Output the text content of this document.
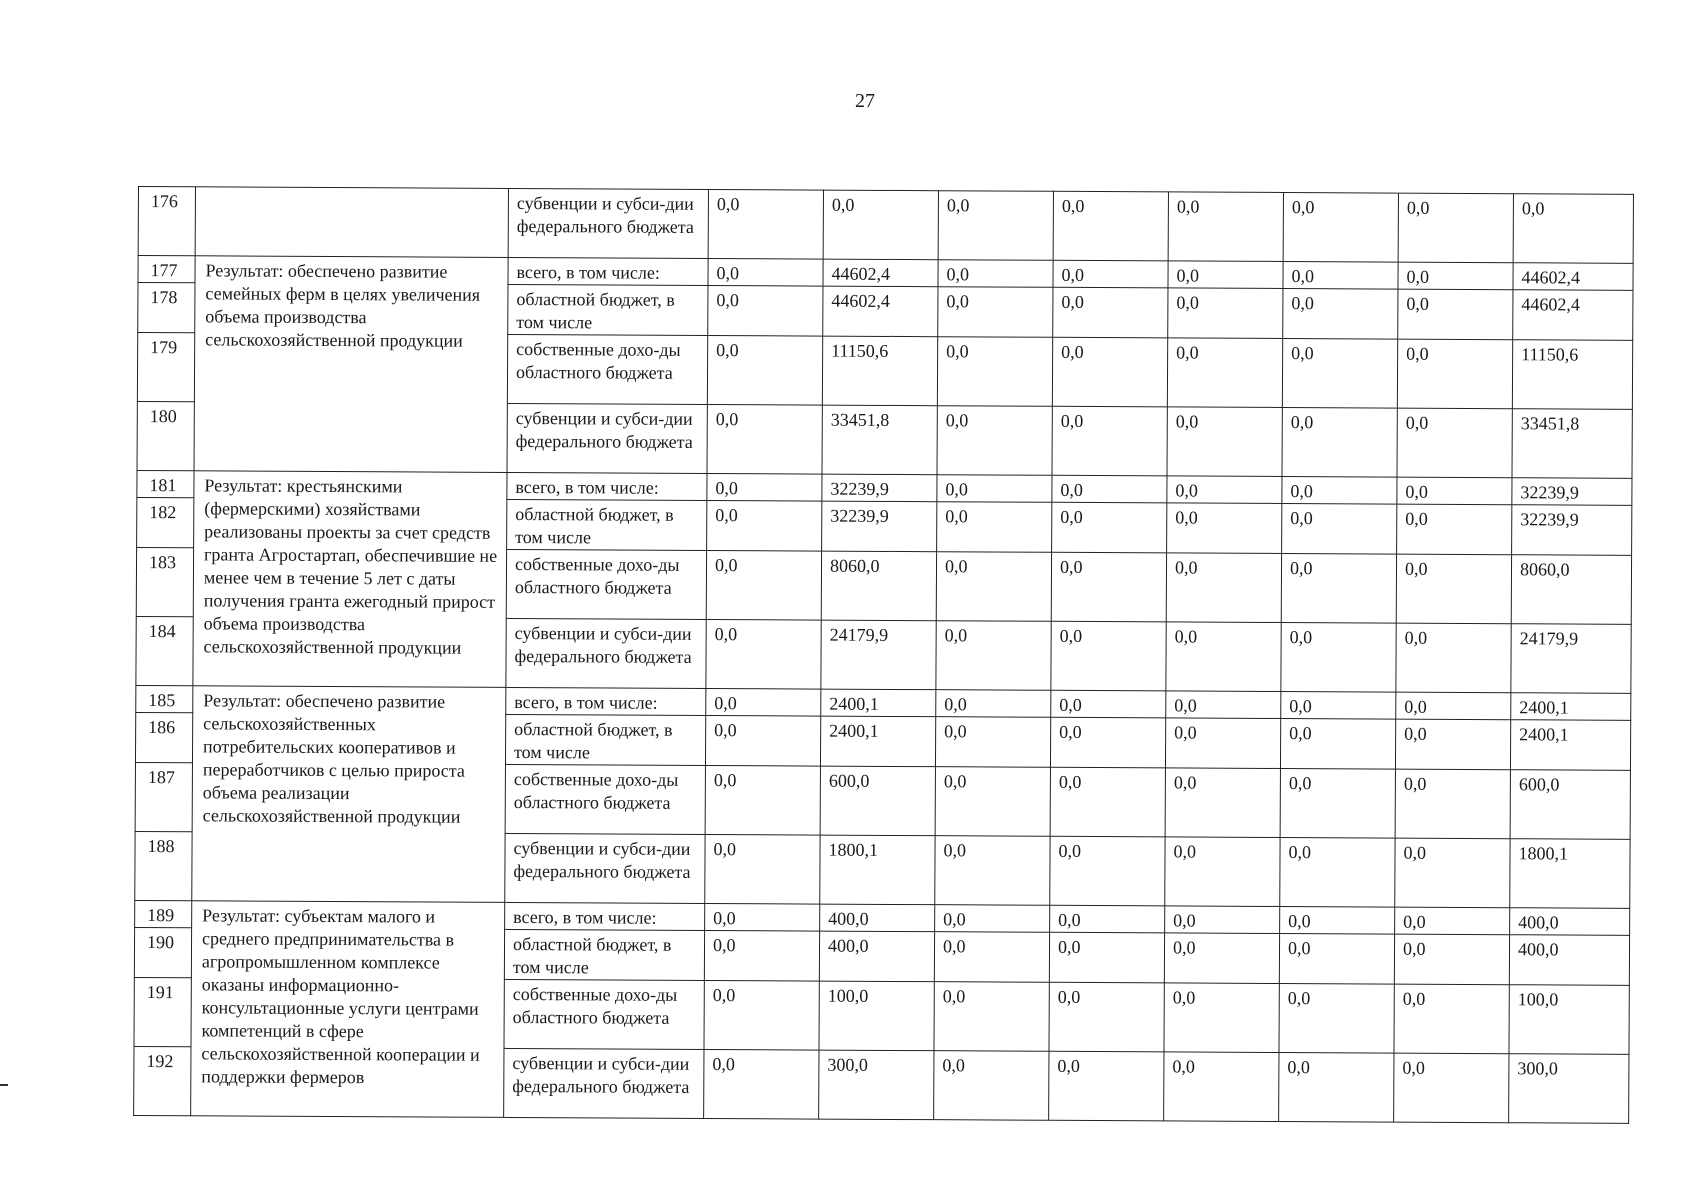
27
176		субвенции и субси-дии федерального бюджета	0,0	0,0	0,0	0,0	0,0	0,0	0,0	0,0
177	Результат: обеспечено развитие семейных ферм в целях увеличения объема производства сельскохозяйственной продукции	всего, в том числе:	0,0	44602,4	0,0	0,0	0,0	0,0	0,0	44602,4
178		областной бюджет, в том числе	0,0	44602,4	0,0	0,0	0,0	0,0	0,0	44602,4
179		собственные дохо-ды областного бюджета	0,0	11150,6	0,0	0,0	0,0	0,0	0,0	11150,6
180		субвенции и субси-дии федерального бюджета	0,0	33451,8	0,0	0,0	0,0	0,0	0,0	33451,8
181	Результат: крестьянскими (фермерскими) хозяйствами реализованы проекты за счет средств гранта Агростартап, обеспечившие не менее чем в течение 5 лет с даты получения гранта ежегодный прирост объема производства сельскохозяйственной продукции	всего, в том числе:	0,0	32239,9	0,0	0,0	0,0	0,0	0,0	32239,9
182		областной бюджет, в том числе	0,0	32239,9	0,0	0,0	0,0	0,0	0,0	32239,9
183		собственные дохо-ды областного бюджета	0,0	8060,0	0,0	0,0	0,0	0,0	0,0	8060,0
184		субвенции и субси-дии федерального бюджета	0,0	24179,9	0,0	0,0	0,0	0,0	0,0	24179,9
185	Результат: обеспечено развитие сельскохозяйственных потребительских кооперативов и переработчиков с целью прироста объема реализации сельскохозяйственной продукции	всего, в том числе:	0,0	2400,1	0,0	0,0	0,0	0,0	0,0	2400,1
186		областной бюджет, в том числе	0,0	2400,1	0,0	0,0	0,0	0,0	0,0	2400,1
187		собственные дохо-ды областного бюджета	0,0	600,0	0,0	0,0	0,0	0,0	0,0	600,0
188		субвенции и субси-дии федерального бюджета	0,0	1800,1	0,0	0,0	0,0	0,0	0,0	1800,1
189	Результат: субъектам малого и среднего предпринимательства в агропромышленном комплексе оказаны информационно-консультационные услуги центрами компетенций в сфере сельскохозяйственной кооперации и поддержки фермеров	всего, в том числе:	0,0	400,0	0,0	0,0	0,0	0,0	0,0	400,0
190		областной бюджет, в том числе	0,0	400,0	0,0	0,0	0,0	0,0	0,0	400,0
191		собственные дохо-ды областного бюджета	0,0	100,0	0,0	0,0	0,0	0,0	0,0	100,0
192		субвенции и субси-дии федерального бюджета	0,0	300,0	0,0	0,0	0,0	0,0	0,0	300,0
